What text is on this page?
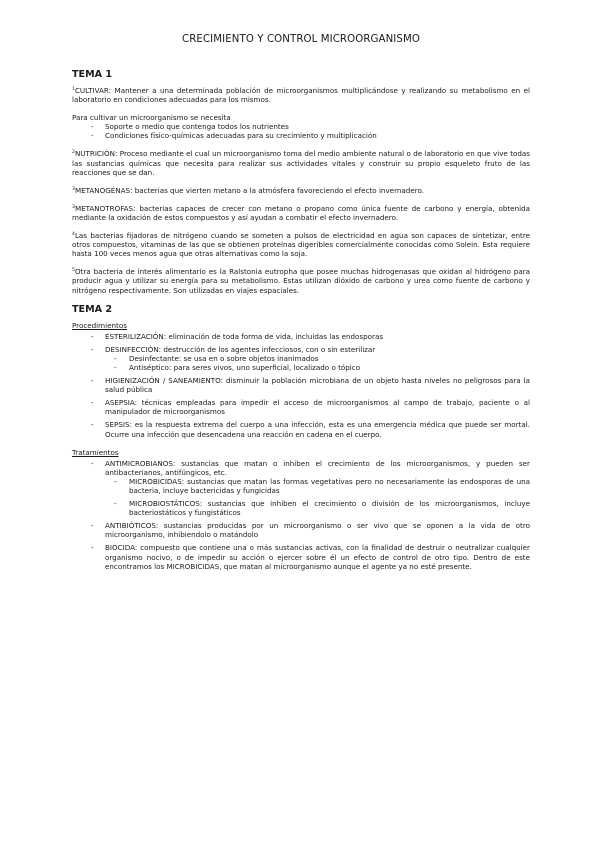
CRECIMIENTO Y CONTROL MICROORGANISMO
TEMA 1

$^1$CULTIVAR: Mantener a una determinada población de microorganismos multiplicándose y realizando su metabolismo en el laboratorio en condiciones adecuadas para los mismos.

Para cultivar un microorganismo se necesita

- Soporte o medio que contenga todos los nutrientes
- Condiciones físico-químicas adecuadas para su crecimiento y multiplicación

$^2$NUTRICIÓN: Proceso mediante el cual un microorganismo toma del medio ambiente natural o de laboratorio en que vive todas las sustancias químicas que necesita para realizar sus actividades vitales y construir su propio esqueleto fruto de las reacciones que se dan.

$^3$METANOGÉNAS: bacterias que vierten metano a la atmósfera favoreciendo el efecto invernadero.

$^3$METANOTROFAS: bacterias capaces de crecer con metano o propano como única fuente de carbono y energía, obtenida mediante la oxidación de estos compuestos y así ayudan a combatir el efecto invernadero.

$^4$Las bacterias fijadoras de nitrógeno cuando se someten a pulsos de electricidad en agua son capaces de sintetizar, entre otros compuestos, vitaminas de las que se obtienen proteínas digeribles comercialmente conocidas como Solein. Esta requiere hasta 100 veces menos agua que otras alternativas como la soja.

$^5$Otra bacteria de interés alimentario es la Ralstonia eutropha que posee muchas hidrogenasas que oxidan al hidrógeno para producir agua y utilizar su energía para su metabolismo. Estas utilizan dióxido de carbono y urea como fuente de carbono y nitrógeno respectivamente. Son utilizadas en viajes espaciales.

TEMA 2
Procedimientos
- ESTERILIZACIÓN: eliminación de toda forma de vida, incluidas las endosporas
- DESINFECCIÓN: destrucción de los agentes infecciosos, con o sin esterilizar
- Desinfectante: se usa en o sobre objetos inanimados
- Antiséptico: para seres vivos, uno superficial, localizado o tópico
- HIGIENIZACIÓN / SANEAMIENTO: disminuir la población microbiana de un objeto hasta niveles no peligrosos para la salud pública
- ASEPSIA: técnicas empleadas para impedir el acceso de microorganismos al campo de trabajo, paciente o al manipulador de microorganismos
- SEPSIS: es la respuesta extrema del cuerpo a una infección, esta es una emergencia médica que puede ser mortal. Ocurre una infección que desencadena una reacción en cadena en el cuerpo.
Tratamientos
- ANTIMICROBIANOS: sustancias que matan o inhiben el crecimiento de los microorganismos, y pueden ser antibacterianos, antifúngicos, etc.
- MICROBICIDAS: sustancias que matan las formas vegetativas pero no necesariamente las endosporas de una bacteria, incluye bactericidas y fungicidas
- MICROBIOSTÁTICOS: sustancias que inhiben el crecimiento o división de los microorganismos, incluye bacteriostáticos y fungistáticos
- ANTIBIÓTICOS: sustancias producidas por un microorganismo o ser vivo que se oponen a la vida de otro microorganismo, inhibiendolo o matándolo
- BIOCIDA: compuesto que contiene una o más sustancias activas, con la finalidad de destruir o neutralizar cualquier organismo nocivo, o de impedir su acción o ejercer sobre él un efecto de control de otro tipo. Dentro de este encontramos los MICROBICIDAS, que matan al microorganismo aunque el agente ya no esté presente.
